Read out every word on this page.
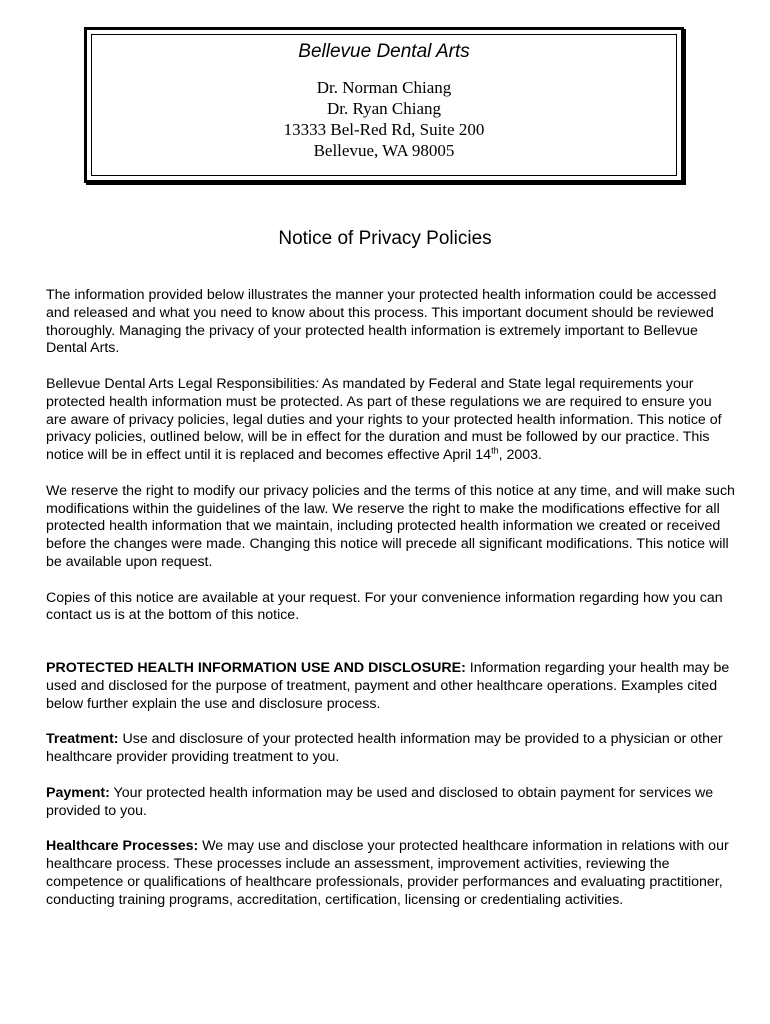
Bellevue Dental Arts
Dr. Norman Chiang
Dr. Ryan Chiang
13333 Bel-Red Rd, Suite 200
Bellevue, WA 98005
Notice of Privacy Policies

The information provided below illustrates the manner your protected health information could be accessed and released and what you need to know about this process. This important document should be reviewed thoroughly. Managing the privacy of your protected health information is extremely important to Bellevue Dental Arts.

Bellevue Dental Arts Legal Responsibilities: As mandated by Federal and State legal requirements your protected health information must be protected. As part of these regulations we are required to ensure you are aware of privacy policies, legal duties and your rights to your protected health information. This notice of privacy policies, outlined below, will be in effect for the duration and must be followed by our practice. This notice will be in effect until it is replaced and becomes effective April 14th, 2003.

We reserve the right to modify our privacy policies and the terms of this notice at any time, and will make such modifications within the guidelines of the law. We reserve the right to make the modifications effective for all protected health information that we maintain, including protected health information we created or received before the changes were made. Changing this notice will precede all significant modifications. This notice will be available upon request.

Copies of this notice are available at your request. For your convenience information regarding how you can contact us is at the bottom of this notice.

PROTECTED HEALTH INFORMATION USE AND DISCLOSURE: Information regarding your health may be used and disclosed for the purpose of treatment, payment and other healthcare operations. Examples cited below further explain the use and disclosure process.

Treatment: Use and disclosure of your protected health information may be provided to a physician or other healthcare provider providing treatment to you.

Payment: Your protected health information may be used and disclosed to obtain payment for services we provided to you.

Healthcare Processes: We may use and disclose your protected healthcare information in relations with our healthcare process. These processes include an assessment, improvement activities, reviewing the competence or qualifications of healthcare professionals, provider performances and evaluating practitioner, conducting training programs, accreditation, certification, licensing or credentialing activities.
